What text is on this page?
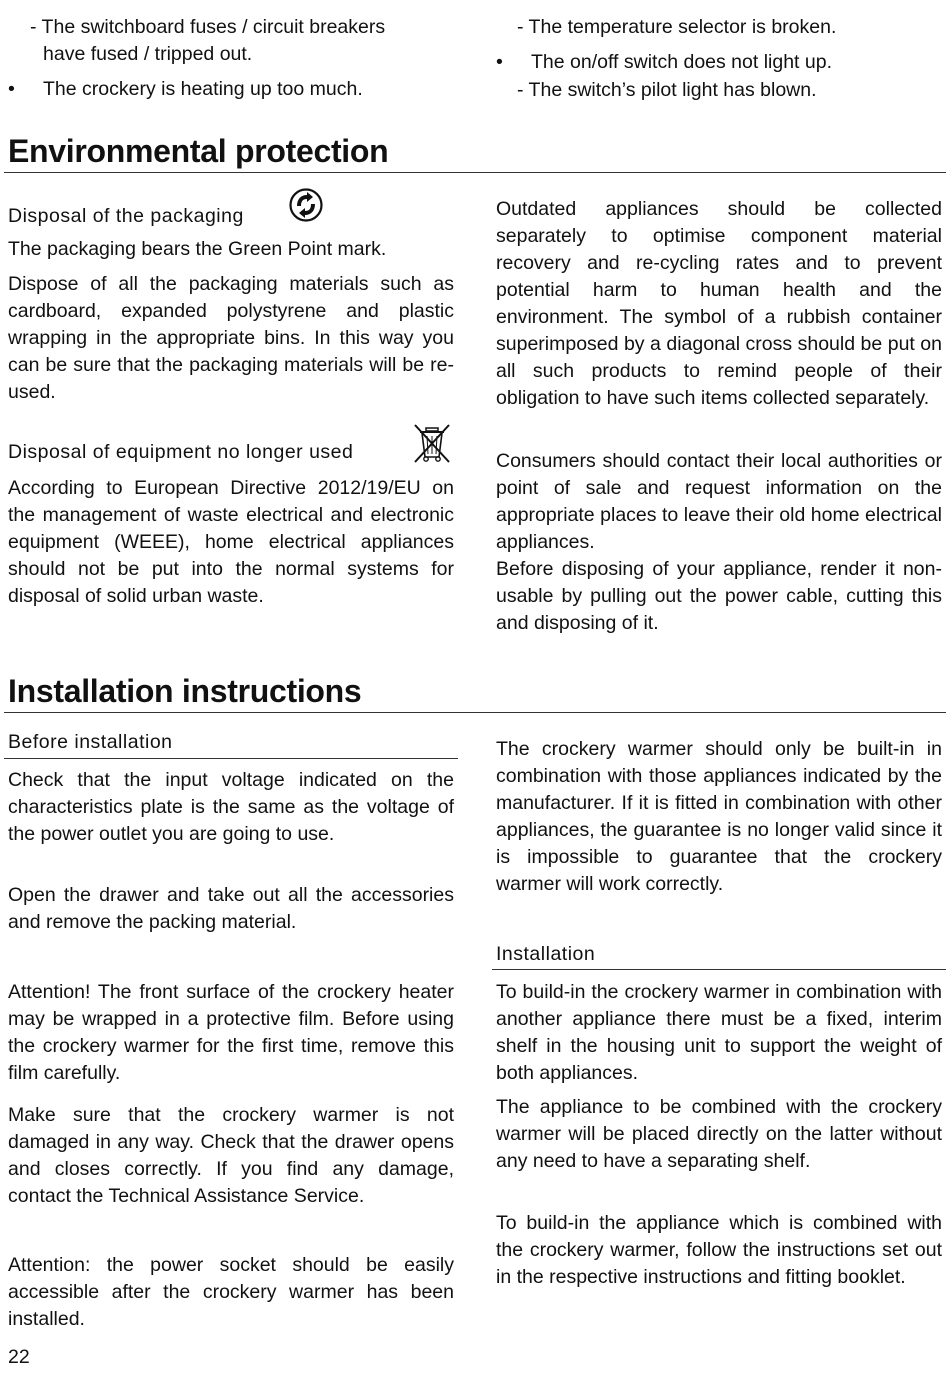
- The switchboard fuses / circuit breakers
have fused / tripped out.
• The crockery is heating up too much.
- The temperature selector is broken.
• The on/off switch does not light up.
- The switch’s pilot light has blown.
Environmental protection
Disposal of the packaging

The packaging bears the Green Point mark.

Dispose of all the packaging materials such as cardboard, expanded polystyrene and plastic wrapping in the appropriate bins. In this way you can be sure that the packaging materials will be re-used.

Disposal of equipment no longer used

According to European Directive 2012/19/EU on the management of waste electrical and electronic equipment (WEEE), home electrical appliances should not be put into the normal systems for disposal of solid urban waste.

Outdated appliances should be collected separately to optimise component material recovery and re-cycling rates and to prevent potential harm to human health and the environment. The symbol of a rubbish container superimposed by a diagonal cross should be put on all such products to remind people of their obligation to have such items collected separately.

Consumers should contact their local authorities or point of sale and request information on the appropriate places to leave their old home electrical appliances.

Before disposing of your appliance, render it non-usable by pulling out the power cable, cutting this and disposing of it.

Installation instructions
Before installation

Check that the input voltage indicated on the characteristics plate is the same as the voltage of the power outlet you are going to use.

Open the drawer and take out all the accessories and remove the packing material.

Attention! The front surface of the crockery heater may be wrapped in a protective film. Before using the crockery warmer for the first time, remove this film carefully.

Make sure that the crockery warmer is not damaged in any way. Check that the drawer opens and closes correctly. If you find any damage, contact the Technical Assistance Service.

Attention: the power socket should be easily accessible after the crockery warmer has been installed.

The crockery warmer should only be built-in in combination with those appliances indicated by the manufacturer. If it is fitted in combination with other appliances, the guarantee is no longer valid since it is impossible to guarantee that the crockery warmer will work correctly.

Installation

To build-in the crockery warmer in combination with another appliance there must be a fixed, interim shelf in the housing unit to support the weight of both appliances.

The appliance to be combined with the crockery warmer will be placed directly on the latter without any need to have a separating shelf.

To build-in the appliance which is combined with the crockery warmer, follow the instructions set out in the respective instructions and fitting booklet.

22
